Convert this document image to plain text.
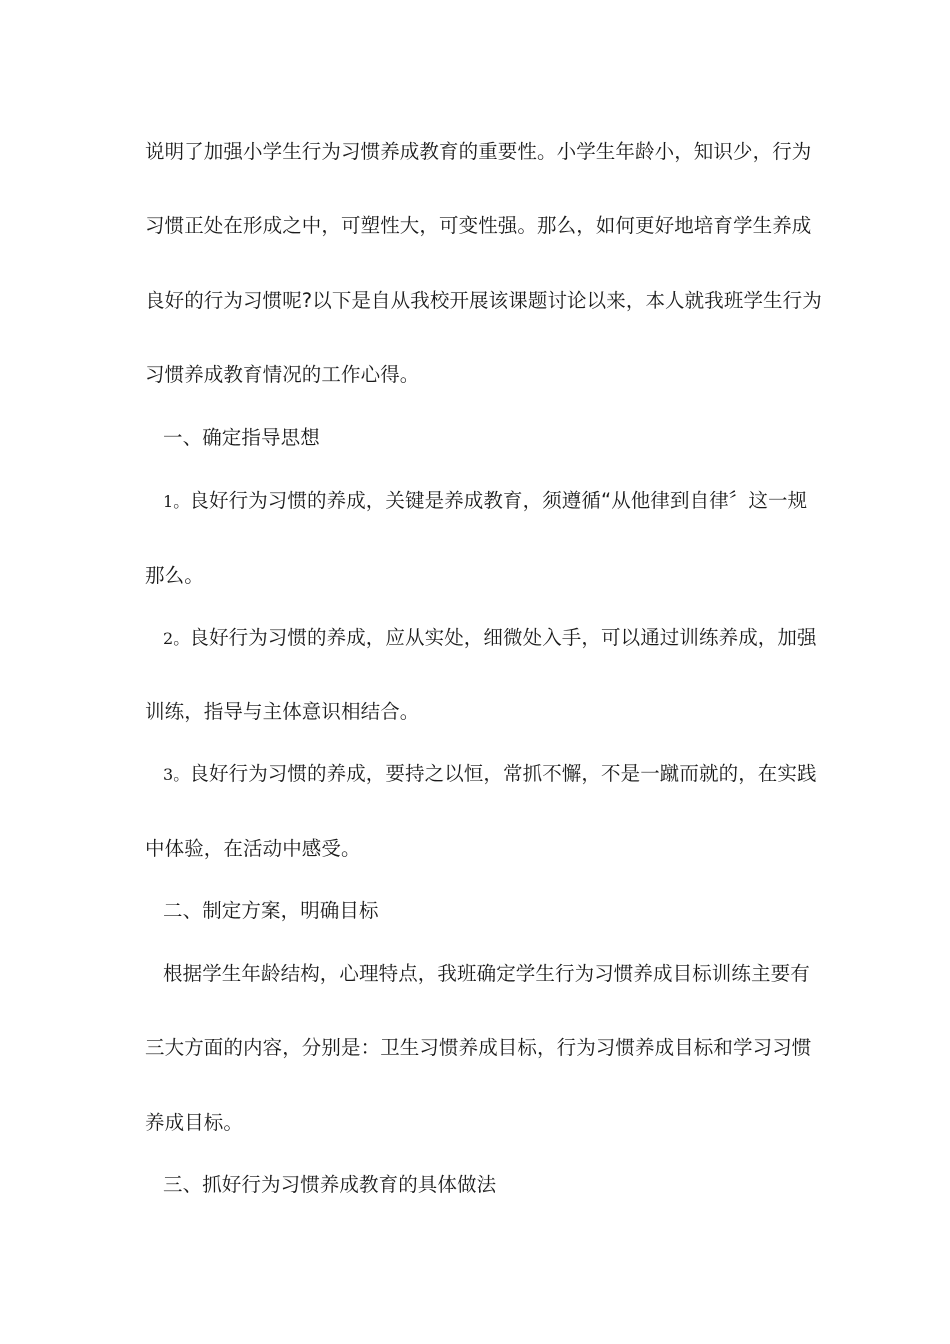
说明了加强小学生行为习惯养成教育的重要性。小学生年龄小，知识少，行为
习惯正处在形成之中，可塑性大，可变性强。那么，如何更好地培育学生养成
良好的行为习惯呢?以下是自从我校开展该课题讨论以来，本人就我班学生行为
习惯养成教育情况的工作心得。
一、确定指导思想
1。良好行为习惯的养成，关键是养成教育，须遵循“从他律到自律〞这一规
那么。
2。良好行为习惯的养成，应从实处，细微处入手，可以通过训练养成，加强
训练，指导与主体意识相结合。
3。良好行为习惯的养成，要持之以恒，常抓不懈，不是一蹴而就的，在实践
中体验，在活动中感受。
二、制定方案，明确目标
根据学生年龄结构，心理特点，我班确定学生行为习惯养成目标训练主要有
三大方面的内容，分别是：卫生习惯养成目标，行为习惯养成目标和学习习惯
养成目标。
三、抓好行为习惯养成教育的具体做法
